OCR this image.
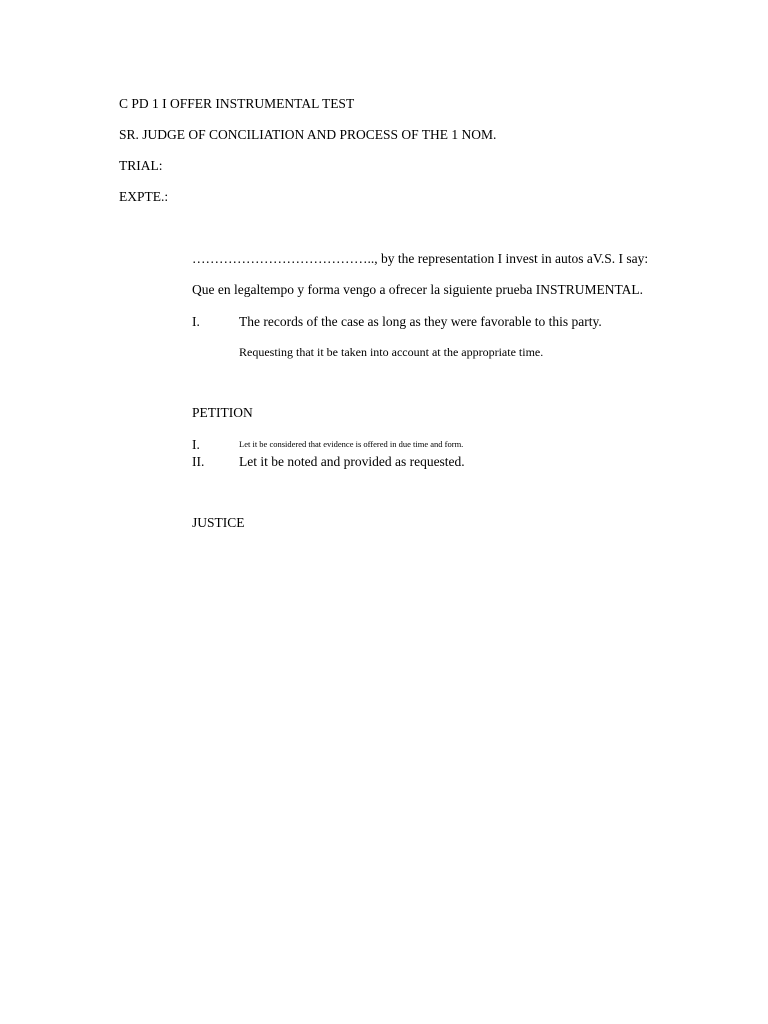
C PD 1 I OFFER INSTRUMENTAL TEST
SR. JUDGE OF CONCILIATION AND PROCESS OF THE 1 NOM.
TRIAL:
EXPTE.:
………………………………….., by the representation I invest in autos aV.S. I say:
Que en legaltempo y forma vengo a ofrecer la siguiente prueba INSTRUMENTAL.
I.	The records of the case as long as they were favorable to this party.
Requesting that it be taken into account at the appropriate time.
PETITION
I.	Let it be considered that evidence is offered in due time and form.
II.	Let it be noted and provided as requested.
JUSTICE
